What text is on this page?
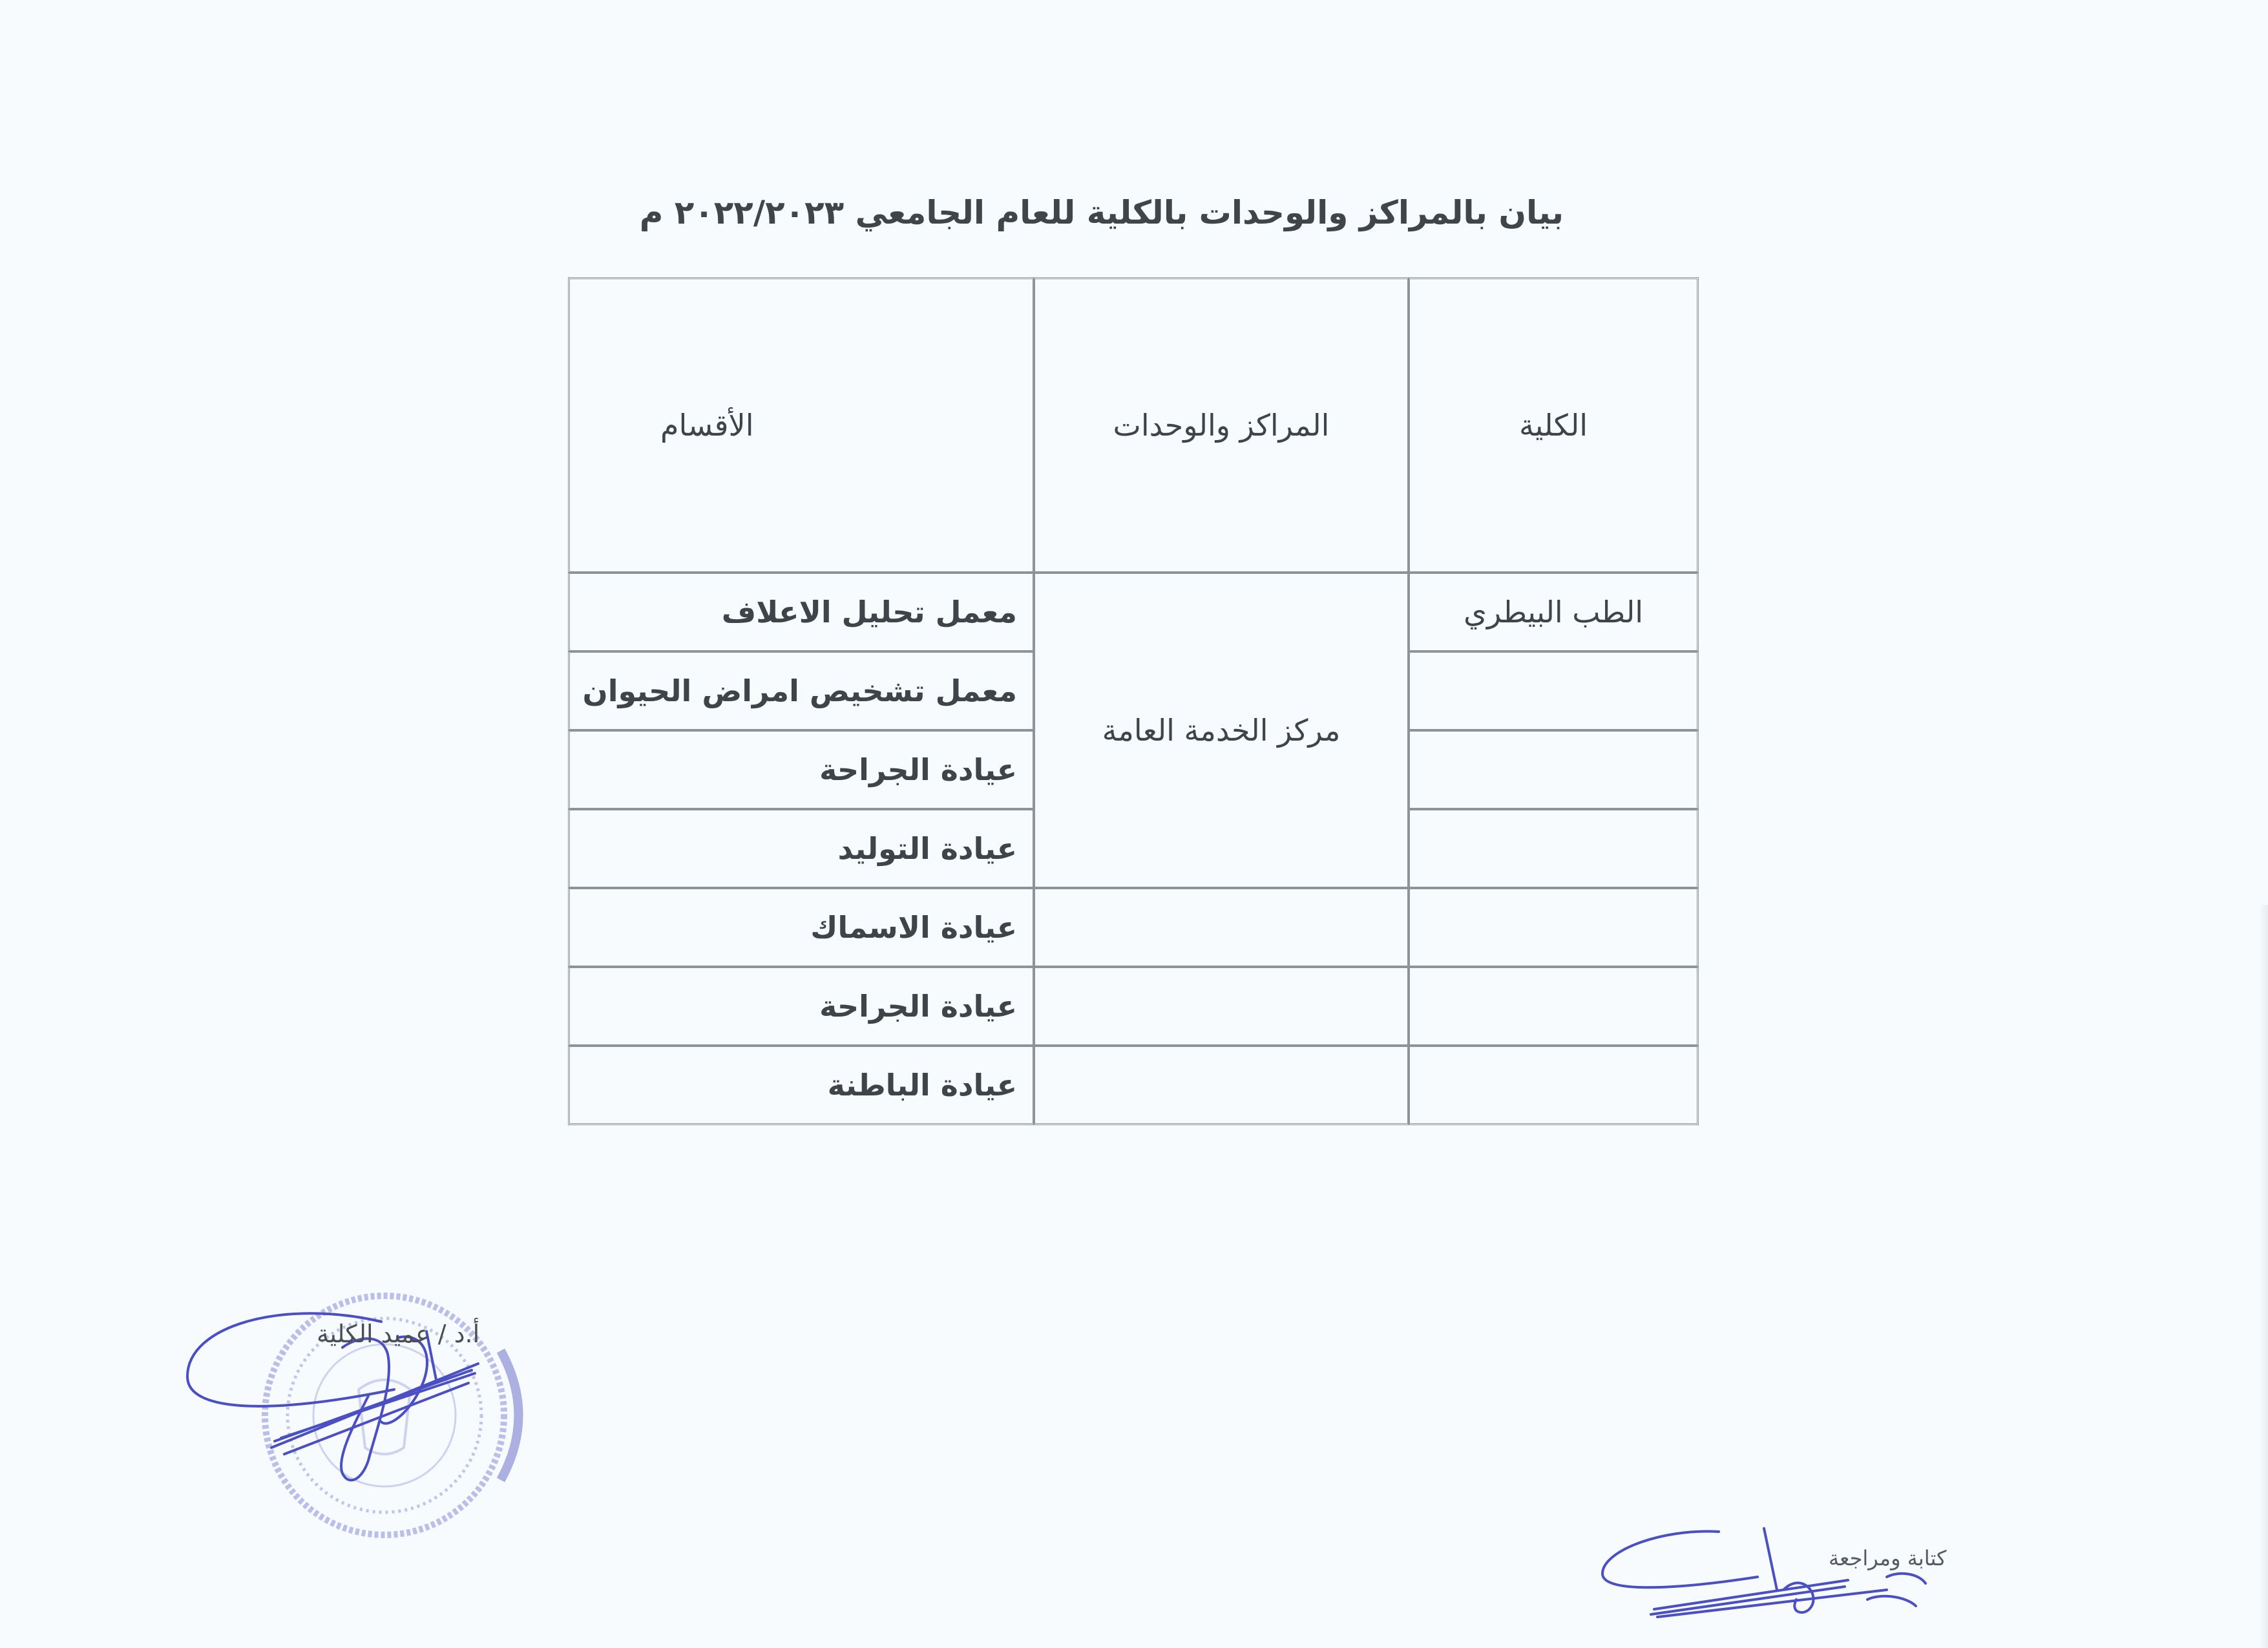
بيان بالمراكز والوحدات بالكلية للعام الجامعي ٢٠٢٢/٢٠٢٣ م
الأقسام	المراكز والوحدات	الكلية
معمل تحليل الاعلاف
معمل تشخيص امراض الحيوان
عيادة الجراحة
عيادة التوليد
عيادة الاسماك
عيادة الجراحة
عيادة الباطنة
مركز الخدمة العامة
الطب البيطري
أ.د / عميد الكلية
كتابة ومراجعة
